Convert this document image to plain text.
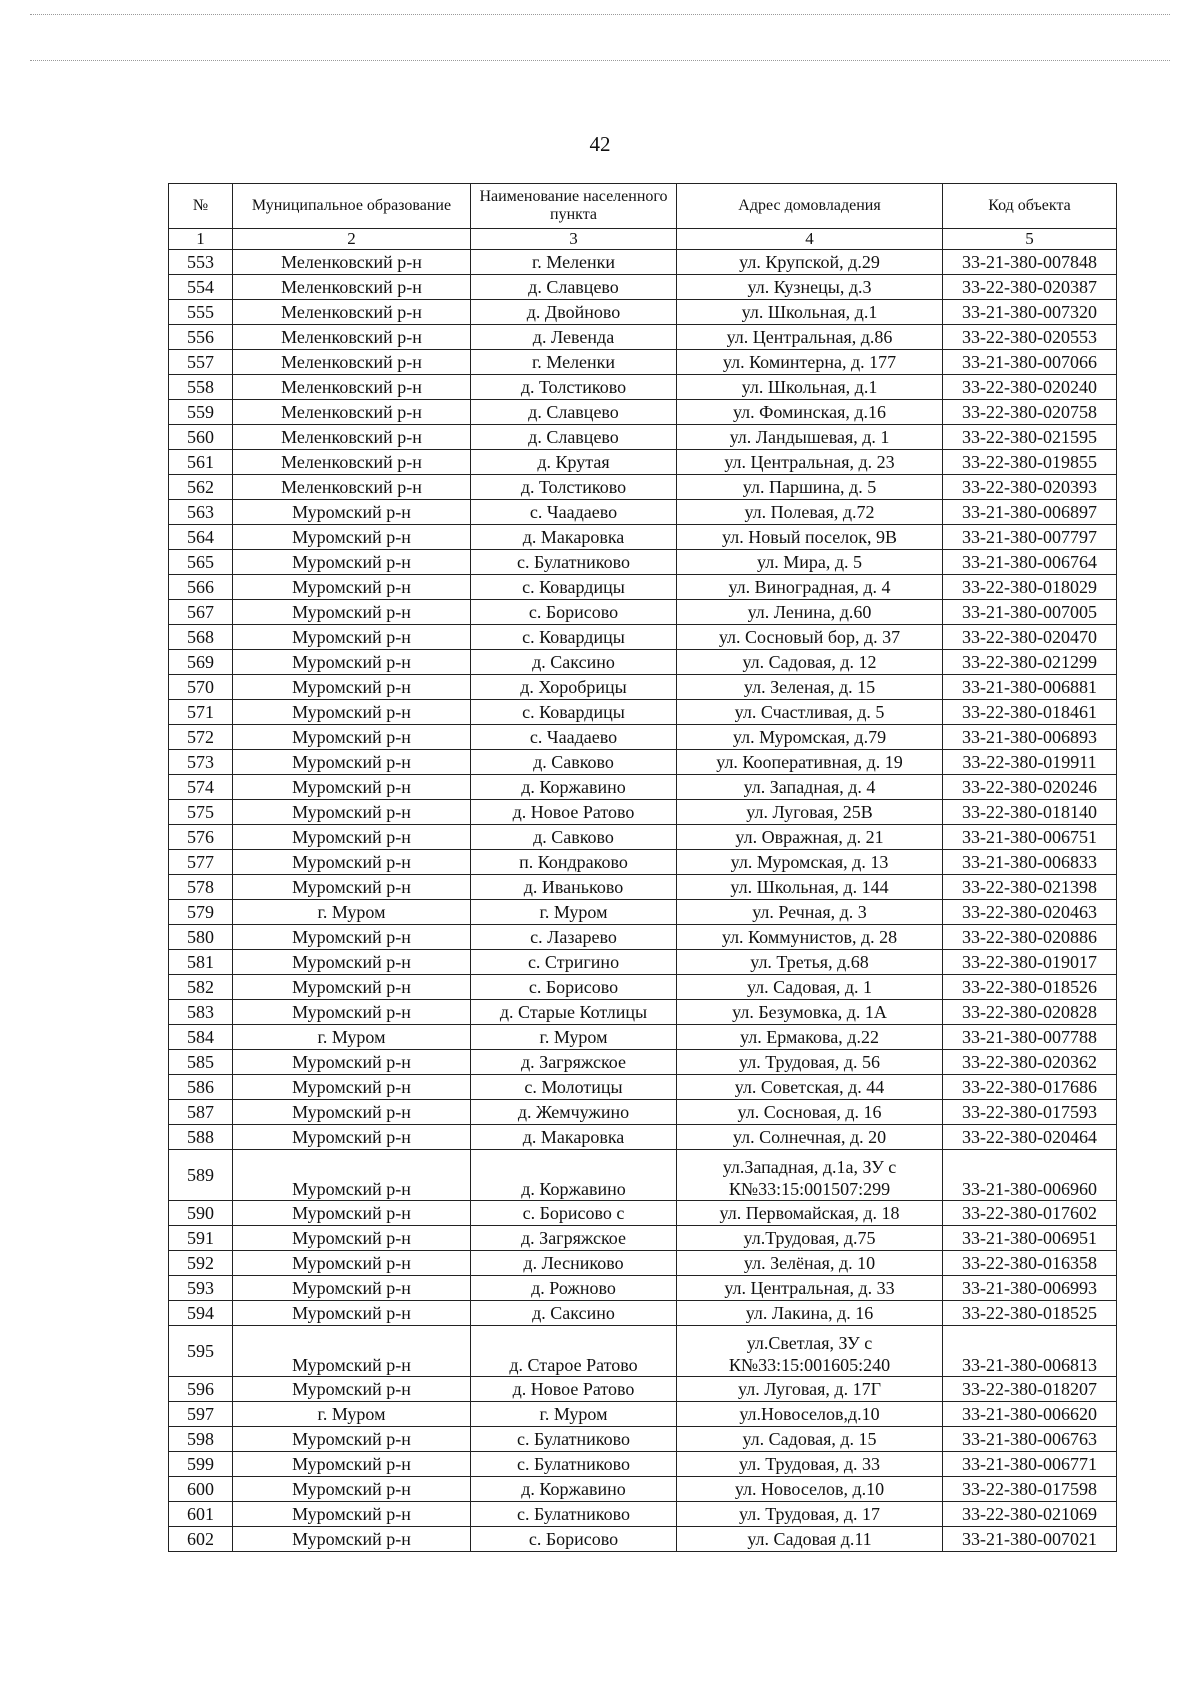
42
№	Муниципальное образование	Наименование населенного пункта	Адрес домовладения	Код объекта
1	2	3	4	5
553	Меленковский р-н	г. Меленки	ул. Крупской, д.29	33-21-380-007848
554	Меленковский р-н	д. Славцево	ул. Кузнецы, д.3	33-22-380-020387
555	Меленковский р-н	д. Двойново	ул. Школьная, д.1	33-21-380-007320
556	Меленковский р-н	д. Левенда	ул. Центральная, д.86	33-22-380-020553
557	Меленковский р-н	г. Меленки	ул. Коминтерна, д. 177	33-21-380-007066
558	Меленковский р-н	д. Толстиково	ул. Школьная, д.1	33-22-380-020240
559	Меленковский р-н	д. Славцево	ул. Фоминская, д.16	33-22-380-020758
560	Меленковский р-н	д. Славцево	ул. Ландышевая, д. 1	33-22-380-021595
561	Меленковский р-н	д. Крутая	ул. Центральная, д. 23	33-22-380-019855
562	Меленковский р-н	д. Толстиково	ул. Паршина, д. 5	33-22-380-020393
563	Муромский р-н	с. Чаадаево	ул. Полевая, д.72	33-21-380-006897
564	Муромский р-н	д. Макаровка	ул. Новый поселок, 9В	33-21-380-007797
565	Муромский р-н	с. Булатниково	ул. Мира, д. 5	33-21-380-006764
566	Муромский р-н	с. Ковардицы	ул. Виноградная, д. 4	33-22-380-018029
567	Муромский р-н	с. Борисово	ул. Ленина, д.60	33-21-380-007005
568	Муромский р-н	с. Ковардицы	ул. Сосновый бор, д. 37	33-22-380-020470
569	Муромский р-н	д. Саксино	ул. Садовая, д. 12	33-22-380-021299
570	Муромский р-н	д. Хоробрицы	ул. Зеленая, д. 15	33-21-380-006881
571	Муромский р-н	с. Ковардицы	ул. Счастливая, д. 5	33-22-380-018461
572	Муромский р-н	с. Чаадаево	ул. Муромская, д.79	33-21-380-006893
573	Муромский р-н	д. Савково	ул. Кооперативная, д. 19	33-22-380-019911
574	Муромский р-н	д. Коржавино	ул. Западная, д. 4	33-22-380-020246
575	Муромский р-н	д. Новое Ратово	ул. Луговая, 25В	33-22-380-018140
576	Муромский р-н	д. Савково	ул. Овражная, д. 21	33-21-380-006751
577	Муромский р-н	п. Кондраково	ул. Муромская, д. 13	33-21-380-006833
578	Муромский р-н	д. Иваньково	ул. Школьная, д. 144	33-22-380-021398
579	г. Муром	г. Муром	ул. Речная, д. 3	33-22-380-020463
580	Муромский р-н	с. Лазарево	ул. Коммунистов, д. 28	33-22-380-020886
581	Муромский р-н	с. Стригино	ул. Третья, д.68	33-22-380-019017
582	Муромский р-н	с. Борисово	ул. Садовая, д. 1	33-22-380-018526
583	Муромский р-н	д. Старые Котлицы	ул. Безумовка, д. 1А	33-22-380-020828
584	г. Муром	г. Муром	ул. Ермакова, д.22	33-21-380-007788
585	Муромский р-н	д. Загряжское	ул. Трудовая, д. 56	33-22-380-020362
586	Муромский р-н	с. Молотицы	ул. Советская, д. 44	33-22-380-017686
587	Муромский р-н	д. Жемчужино	ул. Сосновая, д. 16	33-22-380-017593
588	Муромский р-н	д. Макаровка	ул. Солнечная, д. 20	33-22-380-020464
589	Муромский р-н	д. Коржавино	ул.Западная, д.1а, ЗУ с К№33:15:001507:299	33-21-380-006960
590	Муромский р-н	с. Борисово с	ул. Первомайская, д. 18	33-22-380-017602
591	Муромский р-н	д. Загряжское	ул.Трудовая, д.75	33-21-380-006951
592	Муромский р-н	д. Лесниково	ул. Зелёная, д. 10	33-22-380-016358
593	Муромский р-н	д. Рожново	ул. Центральная, д. 33	33-21-380-006993
594	Муромский р-н	д. Саксино	ул. Лакина, д. 16	33-22-380-018525
595	Муромский р-н	д. Старое Ратово	ул.Светлая, ЗУ с К№33:15:001605:240	33-21-380-006813
596	Муромский р-н	д. Новое Ратово	ул. Луговая, д. 17Г	33-22-380-018207
597	г. Муром	г. Муром	ул.Новоселов,д.10	33-21-380-006620
598	Муромский р-н	с. Булатниково	ул. Садовая, д. 15	33-21-380-006763
599	Муромский р-н	с. Булатниково	ул. Трудовая, д. 33	33-21-380-006771
600	Муромский р-н	д. Коржавино	ул. Новоселов, д.10	33-22-380-017598
601	Муромский р-н	с. Булатниково	ул. Трудовая, д. 17	33-22-380-021069
602	Муромский р-н	с. Борисово	ул. Садовая д.11	33-21-380-007021
